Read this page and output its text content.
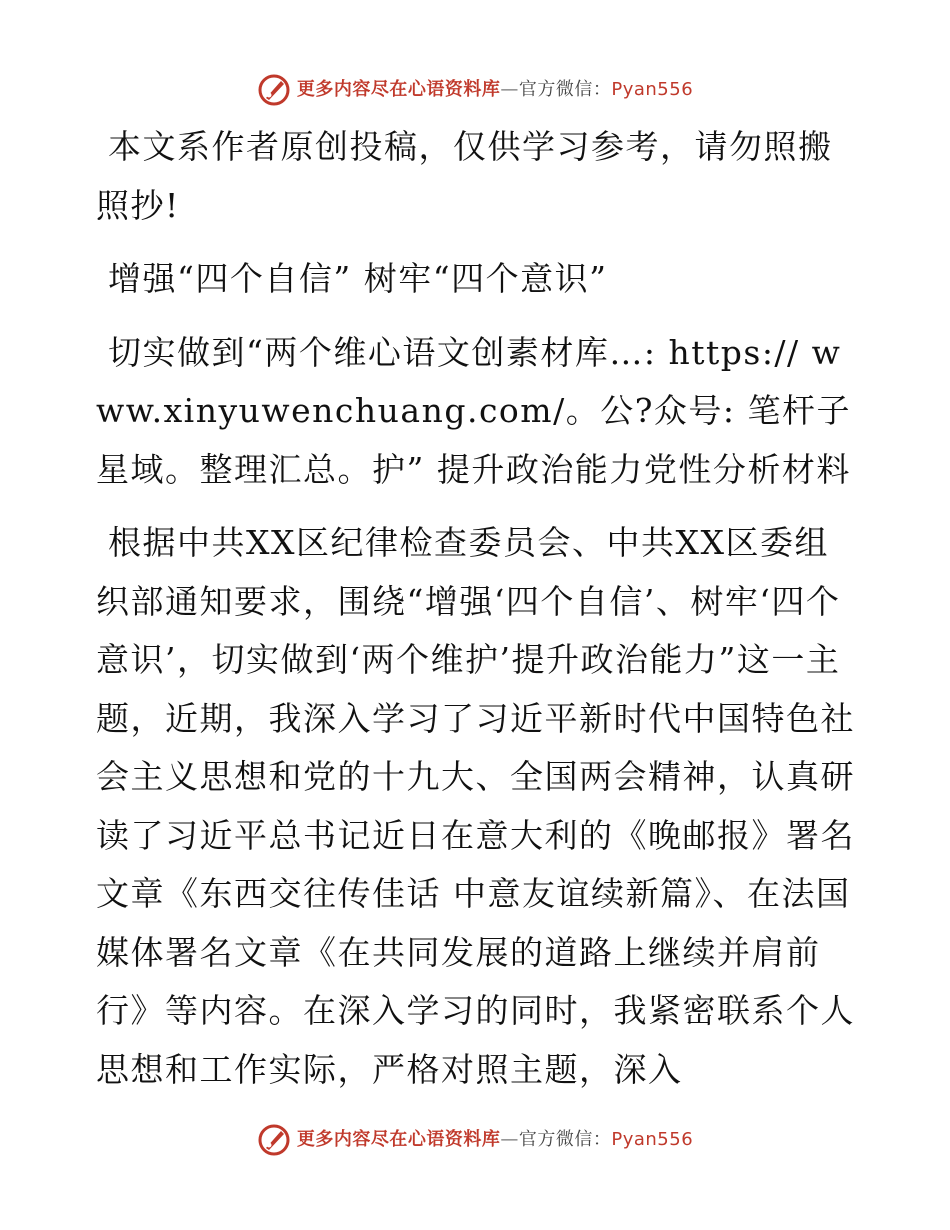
更多内容尽在心语资料库—官方微信：Pyan556

本文系作者原创投稿，仅供学习参考，请勿照搬照抄!

增强“四个自信” 树牢“四个意识”

切实做到“两个维心语文创素材库…: https:// www.xinyuwenchuang.com/。公?众号: 笔杆子星域。整理汇总。护” 提升政治能力党性分析材料

根据中共XX区纪律检查委员会、中共XX区委组织部通知要求，围绕“增强‘四个自信’、树牢‘四个意识’，切实做到‘两个维护’提升政治能力”这一主题，近期，我深入学习了习近平新时代中国特色社会主义思想和党的十九大、全国两会精神，认真研读了习近平总书记近日在意大利的《晚邮报》署名文章《东西交往传佳话 中意友谊续新篇》、在法国媒体署名文章《在共同发展的道路上继续并肩前行》等内容。在深入学习的同时，我紧密联系个人思想和工作实际，严格对照主题，深入

更多内容尽在心语资料库—官方微信：Pyan556
